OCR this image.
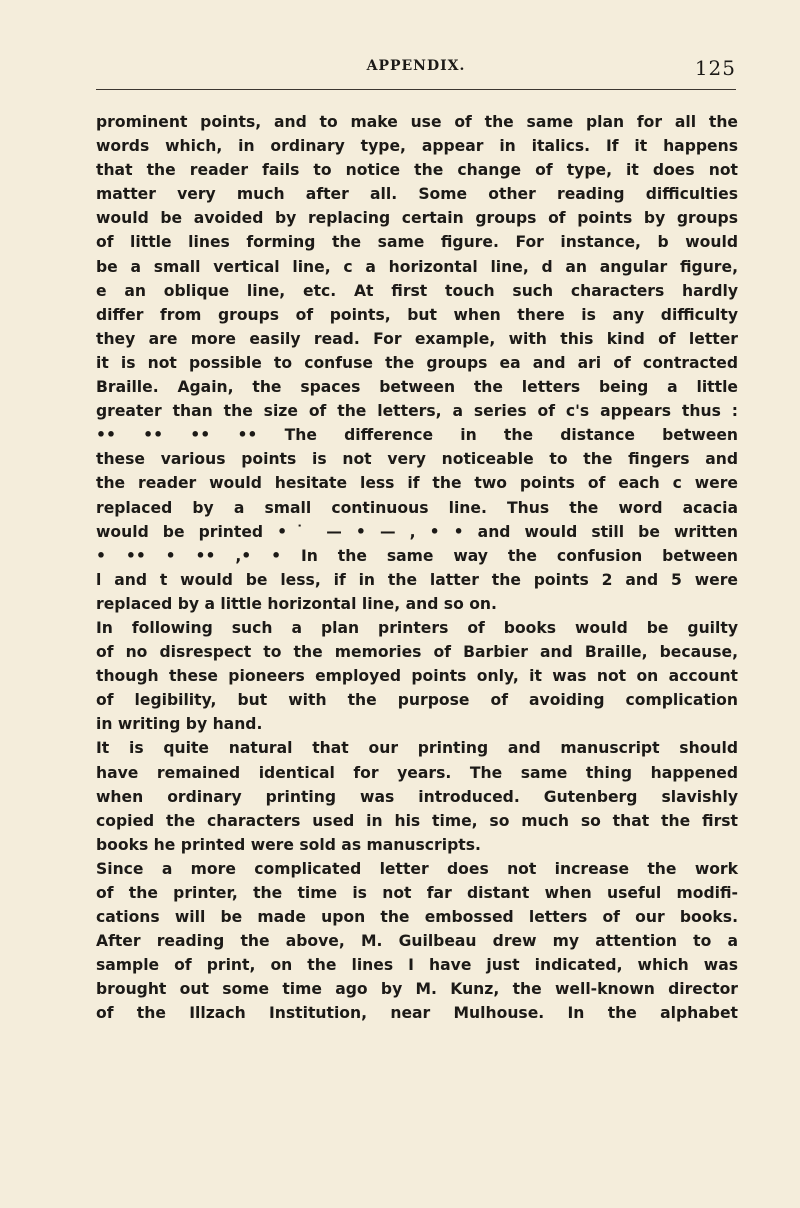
APPENDIX.	125
prominent points, and to make use of the same plan for all the
words which, in ordinary type, appear in italics. If it happens
that the reader fails to notice the change of type, it does not
matter very much after all. Some other reading difficulties
would be avoided by replacing certain groups of points by groups
of little lines forming the same figure. For instance, b would
be a small vertical line, c a horizontal line, d an angular figure,
e an oblique line, etc. At first touch such characters hardly
differ from groups of points, but when there is any difficulty
they are more easily read. For example, with this kind of letter
it is not possible to confuse the groups ea and ari of contracted
Braille. Again, the spaces between the letters being a little
greater than the size of the letters, a series of c's appears thus :
•• •• •• •• The difference in the distance between
these various points is not very noticeable to the fingers and
the reader would hesitate less if the two points of each c were
replaced by a small continuous line. Thus the word acacia
would be printed •˙ — • — , • • and would still be written
• •• • •• ,• • In the same way the confusion between
l and t would be less, if in the latter the points 2 and 5 were
replaced by a little horizontal line, and so on.
In following such a plan printers of books would be guilty
of no disrespect to the memories of Barbier and Braille, because,
though these pioneers employed points only, it was not on account
of legibility, but with the purpose of avoiding complication
in writing by hand.
It is quite natural that our printing and manuscript should
have remained identical for years. The same thing happened
when ordinary printing was introduced. Gutenberg slavishly
copied the characters used in his time, so much so that the first
books he printed were sold as manuscripts.
Since a more complicated letter does not increase the work
of the printer, the time is not far distant when useful modifi-
cations will be made upon the embossed letters of our books.
After reading the above, M. Guilbeau drew my attention to a
sample of print, on the lines I have just indicated, which was
brought out some time ago by M. Kunz, the well-known director
of the Illzach Institution, near Mulhouse. In the alphabet
